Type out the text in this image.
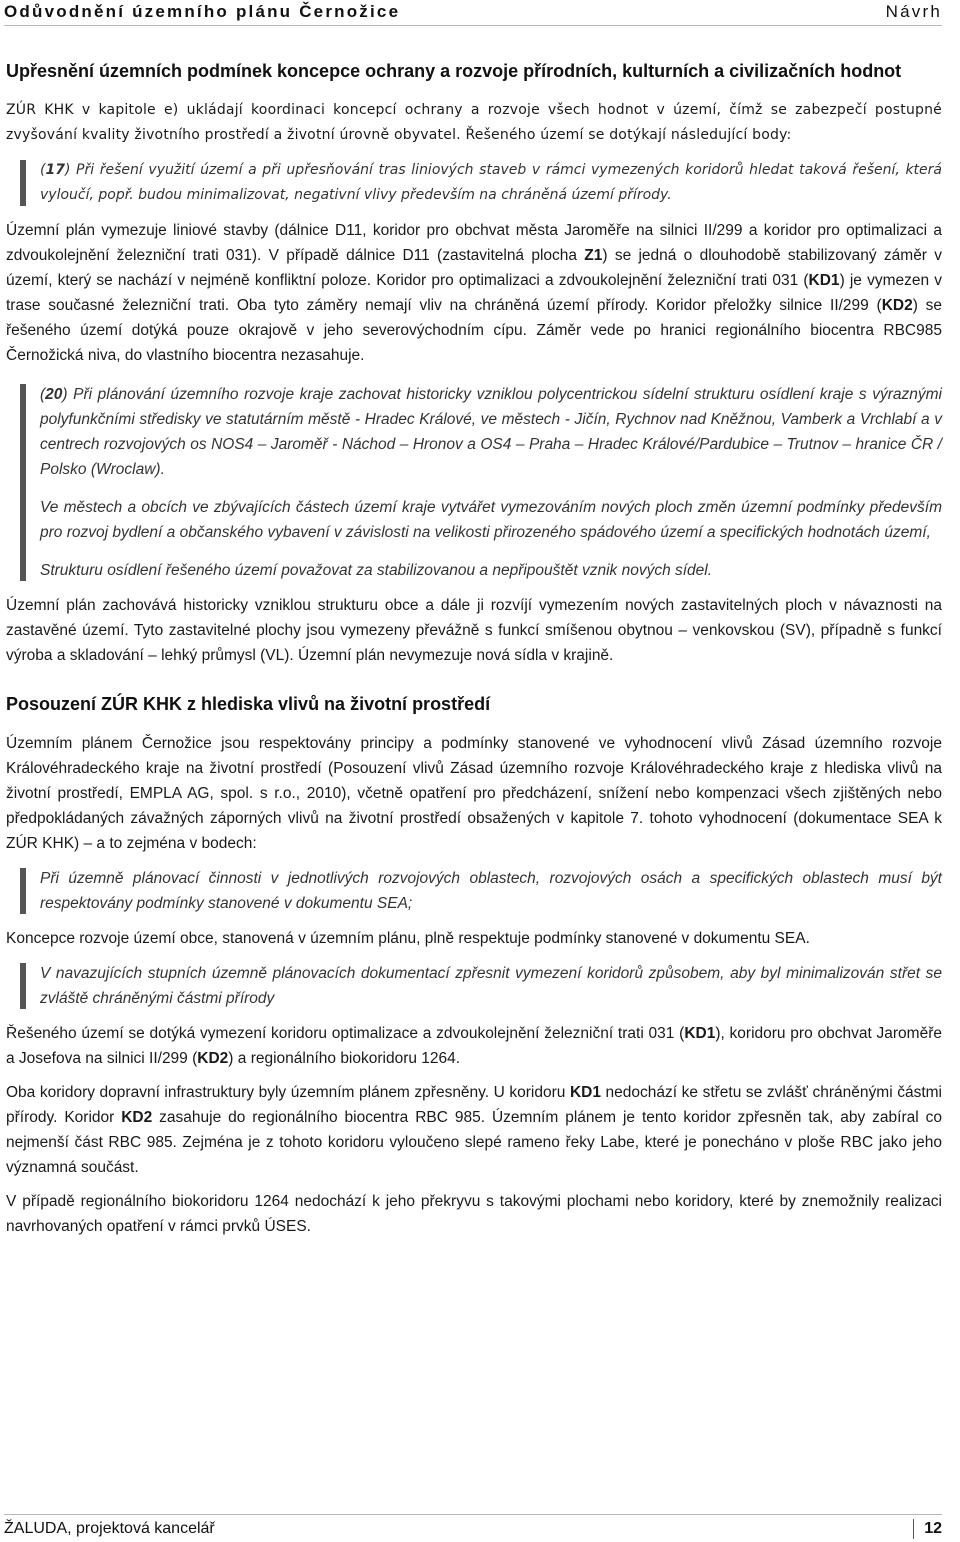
Odůvodnění územního plánu Černožice	Návrh
Upřesnění územních podmínek koncepce ochrany a rozvoje přírodních, kulturních a civilizačních hodnot

ZÚR KHK v kapitole e) ukládají koordinaci koncepcí ochrany a rozvoje všech hodnot v území, čímž se zabezpečí postupné zvyšování kvality životního prostředí a životní úrovně obyvatel. Řešeného území se dotýkají následující body:

(17) Při řešení využití území a při upřesňování tras liniových staveb v rámci vymezených koridorů hledat taková řešení, která vyloučí, popř. budou minimalizovat, negativní vlivy především na chráněná území přírody.

Územní plán vymezuje liniové stavby (dálnice D11, koridor pro obchvat města Jaroměře na silnici II/299 a koridor pro optimalizaci a zdvoukolejnění železniční trati 031). V případě dálnice D11 (zastavitelná plocha Z1) se jedná o dlouhodobě stabilizovaný záměr v území, který se nachází v nejméně konfliktní poloze. Koridor pro optimalizaci a zdvoukolejnění železniční trati 031 (KD1) je vymezen v trase současné železniční trati. Oba tyto záměry nemají vliv na chráněná území přírody. Koridor přeložky silnice II/299 (KD2) se řešeného území dotýká pouze okrajově v jeho severovýchodním cípu. Záměr vede po hranici regionálního biocentra RBC985 Černožická niva, do vlastního biocentra nezasahuje.

(20) Při plánování územního rozvoje kraje zachovat historicky vzniklou polycentrickou sídelní strukturu osídlení kraje s výraznými polyfunkčními středisky ve statutárním městě - Hradec Králové, ve městech - Jičín, Rychnov nad Kněžnou, Vamberk a Vrchlabí a v centrech rozvojových os NOS4 – Jaroměř - Náchod – Hronov a OS4 – Praha – Hradec Králové/Pardubice – Trutnov – hranice ČR / Polsko (Wroclaw).

Ve městech a obcích ve zbývajících částech území kraje vytvářet vymezováním nových ploch změn územní podmínky především pro rozvoj bydlení a občanského vybavení v závislosti na velikosti přirozeného spádového území a specifických hodnotách území,

Strukturu osídlení řešeného území považovat za stabilizovanou a nepřipouštět vznik nových sídel.

Územní plán zachovává historicky vzniklou strukturu obce a dále ji rozvíjí vymezením nových zastavitelných ploch v návaznosti na zastavěné území. Tyto zastavitelné plochy jsou vymezeny převážně s funkcí smíšenou obytnou – venkovskou (SV), případně s funkcí výroba a skladování – lehký průmysl (VL). Územní plán nevymezuje nová sídla v krajině.

Posouzení ZÚR KHK z hlediska vlivů na životní prostředí

Územním plánem Černožice jsou respektovány principy a podmínky stanovené ve vyhodnocení vlivů Zásad územního rozvoje Královéhradeckého kraje na životní prostředí (Posouzení vlivů Zásad územního rozvoje Královéhradeckého kraje z hlediska vlivů na životní prostředí, EMPLA AG, spol. s r.o., 2010), včetně opatření pro předcházení, snížení nebo kompenzaci všech zjištěných nebo předpokládaných závažných záporných vlivů na životní prostředí obsažených v kapitole 7. tohoto vyhodnocení (dokumentace SEA k ZÚR KHK) – a to zejména v bodech:

Při územně plánovací činnosti v jednotlivých rozvojových oblastech, rozvojových osách a specifických oblastech musí být respektovány podmínky stanovené v dokumentu SEA;

Koncepce rozvoje území obce, stanovená v územním plánu, plně respektuje podmínky stanovené v dokumentu SEA.

V navazujících stupních územně plánovacích dokumentací zpřesnit vymezení koridorů způsobem, aby byl minimalizován střet se zvláště chráněnými částmi přírody

Řešeného území se dotýká vymezení koridoru optimalizace a zdvoukolejnění železniční trati 031 (KD1), koridoru pro obchvat Jaroměře a Josefova na silnici II/299 (KD2) a regionálního biokoridoru 1264.

Oba koridory dopravní infrastruktury byly územním plánem zpřesněny. U koridoru KD1 nedochází ke střetu se zvlášť chráněnými částmi přírody. Koridor KD2 zasahuje do regionálního biocentra RBC 985. Územním plánem je tento koridor zpřesněn tak, aby zabíral co nejmenší část RBC 985. Zejména je z tohoto koridoru vyloučeno slepé rameno řeky Labe, které je ponecháno v ploše RBC jako jeho významná součást.

V případě regionálního biokoridoru 1264 nedochází k jeho překryvu s takovými plochami nebo koridory, které by znemožnily realizaci navrhovaných opatření v rámci prvků ÚSES.

ŽALUDA, projektová kancelář	12
